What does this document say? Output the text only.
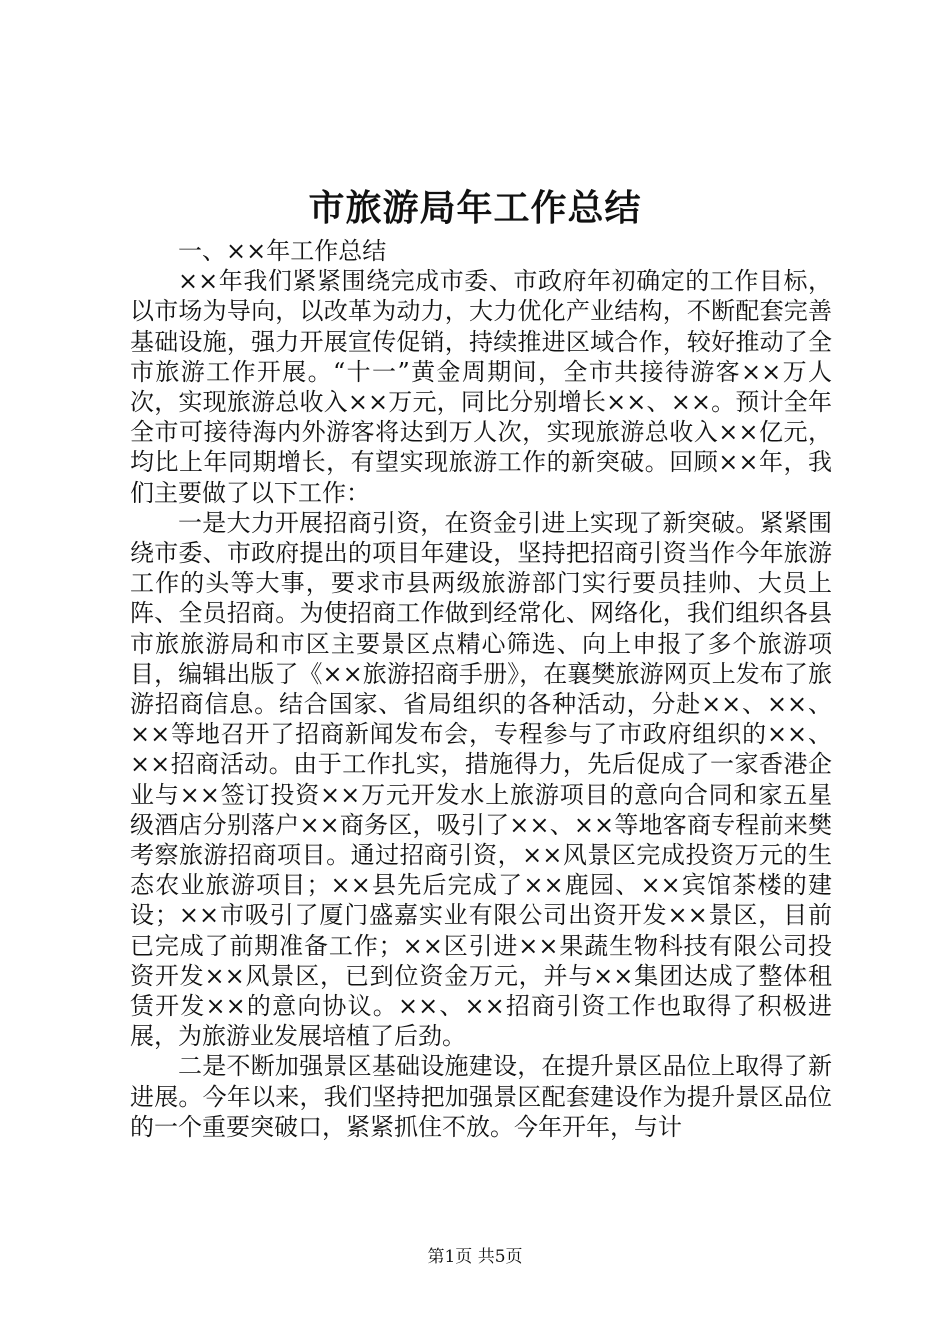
市旅游局年工作总结

一、××年工作总结

××年我们紧紧围绕完成市委、市政府年初确定的工作目标，以市场为导向，以改革为动力，大力优化产业结构，不断配套完善基础设施，强力开展宣传促销，持续推进区域合作，较好推动了全市旅游工作开展。“十一”黄金周期间，全市共接待游客××万人次，实现旅游总收入××万元，同比分别增长××、××。预计全年全市可接待海内外游客将达到万人次，实现旅游总收入××亿元，均比上年同期增长，有望实现旅游工作的新突破。回顾××年，我们主要做了以下工作：

一是大力开展招商引资，在资金引进上实现了新突破。紧紧围绕市委、市政府提出的项目年建设，坚持把招商引资当作今年旅游工作的头等大事，要求市县两级旅游部门实行要员挂帅、大员上阵、全员招商。为使招商工作做到经常化、网络化，我们组织各县市旅旅游局和市区主要景区点精心筛选、向上申报了多个旅游项目，编辑出版了《××旅游招商手册》，在襄樊旅游网页上发布了旅游招商信息。结合国家、省局组织的各种活动，分赴××、××、××等地召开了招商新闻发布会，专程参与了市政府组织的××、××招商活动。由于工作扎实，措施得力，先后促成了一家香港企业与××签订投资××万元开发水上旅游项目的意向合同和家五星级酒店分别落户××商务区，吸引了××、××等地客商专程前来樊考察旅游招商项目。通过招商引资，××风景区完成投资万元的生态农业旅游项目；××县先后完成了××鹿园、××宾馆茶楼的建设；××市吸引了厦门盛嘉实业有限公司出资开发××景区，目前已完成了前期准备工作；××区引进××果蔬生物科技有限公司投资开发××风景区，已到位资金万元，并与××集团达成了整体租赁开发××的意向协议。××、××招商引资工作也取得了积极进展，为旅游业发展培植了后劲。

二是不断加强景区基础设施建设，在提升景区品位上取得了新进展。今年以来，我们坚持把加强景区配套建设作为提升景区品位的一个重要突破口，紧紧抓住不放。今年开年，与计

第1页 共5页
